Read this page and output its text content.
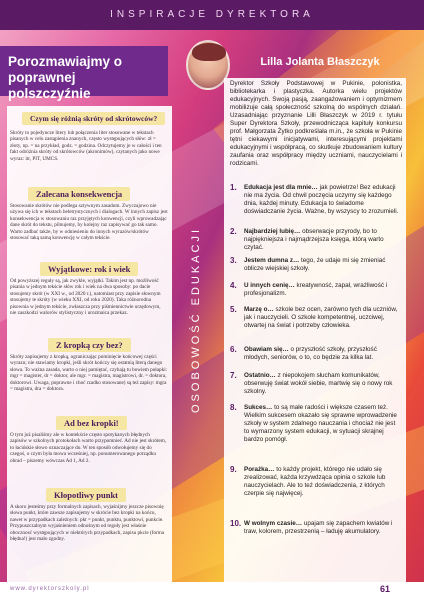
INSPIRACJE DYREKTORA
Porozmawiajmy o poprawnej polszczyźnie
Czym się różnią skróty od skrótowców?
Skróty to pojedyncze litery lub połączenia liter stosowane w tekstach pisanych w celu zastąpienia znanych, często występujących słów: zł = złoty, np. = na przykład, godz. = godzina. Odczytujemy je w całości i ten fakt odróżnia skróty od skrótowców (akronimów), czytanych jako nowe wyraz: itr, PIT, UMCS.
Zalecana konsekwencja
Stosowanie skrótów nie podlega sztywnym zasadom. Zwyczajowo nie używa się ich w tekstach beletrystycznych i dialogach. W innych zapisz jest konsekwencja w stosowaniu raz przyjętych konwencji, czyli wprowadzając dane skrót do tekstu, pilnujemy, by kolejny raz zapisywać go tak samo. Warto zadbać także, by w odniesieniu do innych wyrazów/skrótów stosować taką samą konwencję w całym tekście.
Wyjątkowe: rok i wiek
Od powyższej reguły są, jak zwykle, wyjątki. Takim jest np. możliwość pisania w jednym tekście słów rok i wiek na dwa sposoby: po dacie stosujemy skrót (w XXI w., od 2020 r.), natomiast przy zapisie słownym stosujemy te skróty (w wieku XXI, od roku 2020). Taka różnorodna pisownia w jednym tekście, zwłaszcza przy piśmiennictwie urzędowym, nie zaszkodzi walorów stylistyczny i urozmaica przekaz.
Z kropką czy bez?
Skróty zapisujemy z kropką, ograniczając pominięcie końcowej części wyrazu; nie stawiamy kropki, jeśli skrót kończy się ostatnią literą danego słowa. To ważna zasada, warto o niej pamiętać, czyhają tu bowiem pułapki: mgr = magister, dr = doktor, ale mgr. = magistra, magistrowi, dr. = doktora, doktorowi. Uwaga, poprawne i choć rzadko stosowane) są też zapisy: mgra = magistra, dra = doktora.
Ad bez kropki!
O tym już pisaliśmy ale w kontekście często spotykanych błędnych zapisów w szkolnych protokołach warto przypomnieć. Ad nie jest skrótem, to łacińskie słowo oznaczające do. W ten sposób odwołujemy się do czegoś, o czym była mowa wcześniej, np. ponumerowanego porządku obrad – piszemy wówczas Ad 1, Ad 2.
Kłopotliwy punkt
A skoro jesteśmy przy formalnych zapisach, wyjaśnijmy jeszcze pisownię słowa punkt, które zawsze zapisujemy w skrócie bez kropki na końcu, nawet w przypadkach zależnych: pkt = punkt, punktu, punktowi, punkcie. Przypuszczalnym wyjaśnieniem odnośnym od reguły jest właśnie obocznosć występujących w niektórych przypadkach, zapisu pkcie (forma błędna!) jest mało zgodny.
Lilla Jolanta Błaszczyk
Dyrektor Szkoły Podstawowej w Pukinie, polonistka, bibliotekarka i plastyczka. Autorka wielu projektów edukacyjnych. Swoją pasją, zaangażowaniem i optymizmem mobilizuje całą społeczność szkolną do wspólnych działań. Uzasadniając przyznanie Lilli Błaszczyk w 2019 r. tytułu Super Dyrektora Szkoły, przewodnicząca kapituły konkursu prof. Małgorzata Żytko podkreślała m.in., że szkoła w Pukinie tętni ciekawymi inicjatywami, interesującymi projektami edukacyjnymi i współpracą, co skutkuje zbudowaniem kultury zaufania oraz współpracy między uczniami, nauczycielami i rodzicami.
OSOBOWOŚĆ EDUKACJI
1. Edukacja jest dla mnie… jak powietrze! Bez edukacji nie ma życia. Od chwil poczęcia uczymy się każdego dnia, każdej minuty. Edukacja to świadome doświadczanie życia. Ważne, by wszyscy to zrozumieli.
2. Najbardziej lubię… obserwacje przyrody, bo to najpiękniejsza i najmądrzejsza księga, którą warto czytać.
3. Jestem dumna z… tego, że udaje mi się zmieniać oblicze wiejskiej szkoły.
4. U innych cenię… kreatywność, zapał, wrażliwość i profesjonalizm.
5. Marzę o… szkole bez ocen, zarówno tych dla uczniów, jak i nauczycieli. O szkole kompetentnej, uczciwej, otwartej na świat i potrzeby człowieka.
6. Obawiam się… o przyszłość szkoły, przyszłość młodych, seniorów, o to, co będzie za kilka lat.
7. Ostatnio… z niepokojem słucham komunikatów, obserwuję świat wokół siebie, martwię się o nowy rok szkolny.
8. Sukces… to są małe radości i większe czasem też. Wielkim sukcesem okazało się sprawne wprowadzenie szkoły w system zdalnego nauczania i chociaż nie jest to wymarzony system edukacji, w sytuacji skrajnej bardzo pomógł.
9. Porażka… to każdy projekt, którego nie udało się zrealizować, każda krzywdząca opinia o szkole lub nauczycielach. Ale to też doświadczenia, z których czerpie się najwięcej.
10. W wolnym czasie… upajam się zapachem kwiatów i traw, kolorem, przestrzenią – ładuję akumulatory.
www.dyrektorszkoly.pl	61
